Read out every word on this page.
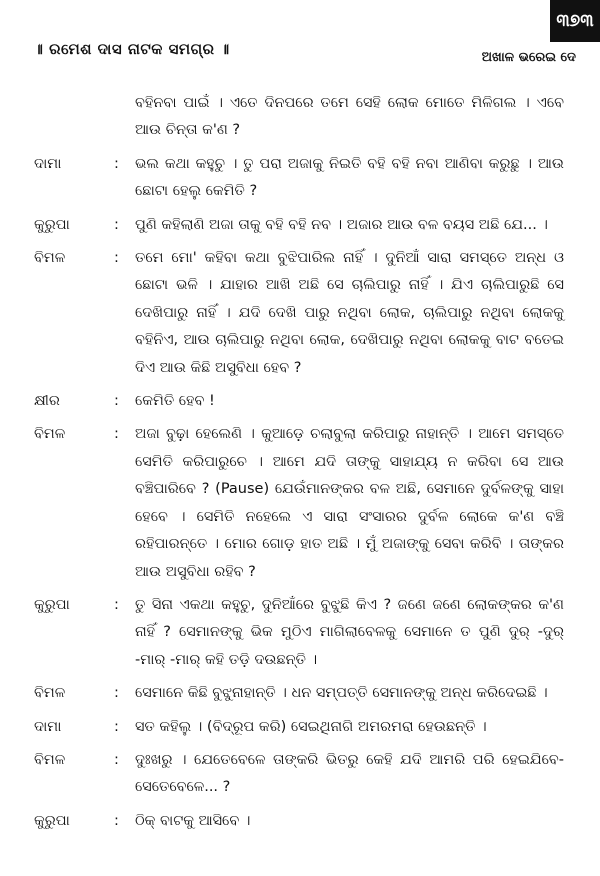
୩୭୩
॥ ରମେଶ ଦାସ ନାଟକ ସମଗ୍ର ॥	ଅଖାଳ ଭରେଇ ଦେ
ବହିନବା ପାଇଁ । ଏତେ ଦିନପରେ ତମେ ସେହି ଲୋକ ମୋତେ ମିଳିଗଲ । ଏବେ ଆଉ ଚିନ୍ତା କ'ଣ ?
ଦାମା	:	ଭଲ କଥା କହୁଚୁ । ତୁ ପରା ଅଜାକୁ ନିଇତି ବହି ବହି ନବା ଆଣିବା କରୁଛୁ । ଆଉ ଛୋଟା ହେଲୁ କେମିତି ?
କୁରୁପା	:	ପୁଣି କହିଲାଣି ଅଜା ତାକୁ ବହି ବହି ନବ । ଅଜାର ଆଉ ବଳ ବୟସ ଅଛି ଯେ... ।
ବିମଳ	:	ତମେ ମୋ' କହିବା କଥା ବୁଝିପାରିଲ ନାହିଁ । ଦୁନିଆଁ ସାରା ସମସ୍ତେ ଅନ୍ଧ ଓ ଛୋଟା ଭଳି । ଯାହାର ଆଖି ଅଛି ସେ ଚାଲିପାରୁ ନାହିଁ । ଯିଏ ଚାଲିପାରୁଛି ସେ ଦେଖିପାରୁ ନାହିଁ । ଯଦି ଦେଖି ପାରୁ ନଥିବା ଲୋକ, ଚାଲିପାରୁ ନଥିବା ଲୋକକୁ ବହିନିଏ, ଆଉ ଚାଲିପାରୁ ନଥିବା ଲୋକ, ଦେଖିପାରୁ ନଥିବା ଲୋକକୁ ବାଟ ବତେଇ ଦିଏ ଆଉ କିଛି ଅସୁବିଧା ହେବ ?
କ୍ଷୀର	:	କେମିତି ହେବ !
ବିମଳ	:	ଅଜା ବୁଢ଼ା ହେଲେଣି । କୁଆଡ଼େ ଚଲାବୁଲା କରିପାରୁ ନାହାନ୍ତି । ଆମେ ସମସ୍ତେ ସେମିତି କରିପାରୁଚେ । ଆମେ ଯଦି ତାଙ୍କୁ ସାହାଯ୍ୟ ନ କରିବା ସେ ଆଉ ବଞ୍ଚିପାରିବେ ? (Pause) ଯେଉଁମାନଙ୍କର ବଳ ଅଛି, ସେମାନେ ଦୁର୍ବଳଙ୍କୁ ସାହା ହେବେ । ସେମିତି ନହେଲେ ଏ ସାରା ସଂସାରର ଦୁର୍ବଳ ଲୋକେ କ'ଣ ବଞ୍ଚି ରହିପାରନ୍ତେ । ମୋର ଗୋଡ଼ ହାତ ଅଛି । ମୁଁ ଅଜାଙ୍କୁ ସେବା କରିବି । ତାଙ୍କର ଆଉ ଅସୁବିଧା ରହିବ ?
କୁରୁପା	:	ତୁ ସିନା ଏକଥା କହୁଚୁ, ଦୁନିଆଁରେ ବୁଝୁଛି କିଏ ? ଜଣେ ଜଣେ ଲୋକଙ୍କର କ'ଣ ନାହିଁ ? ସେମାନଙ୍କୁ ଭିକ ମୁଠିଏ ମାଗିଲାବେଳକୁ ସେମାନେ ତ ପୁଣି ଦୁର୍ -ଦୁର୍ -ମାର୍ -ମାର୍ କହି ତଡ଼ି ଦଉଛନ୍ତି ।
ବିମଳ	:	ସେମାନେ କିଛି ବୁଝୁନାହାନ୍ତି । ଧନ ସମ୍ପତ୍ତି ସେମାନଙ୍କୁ ଅନ୍ଧ କରିଦେଇଛି ।
ଦାମା	:	ସତ କହିଲୁ । (ବିଦ୍ରୂପ କରି) ସେଇଥିନାଗି ଅମରମରା ହେଉଛନ୍ତି ।
ବିମଳ	:	ଦୁଃଖରୁ । ଯେତେବେଳେ ତାଙ୍କରି ଭିତରୁ କେହି ଯଦି ଆମରି ପରି ହେଇଯିବେ- ସେତେବେଳେ... ?
କୁରୁପା	:	ଠିକ୍ ବାଟକୁ ଆସିବେ ।
